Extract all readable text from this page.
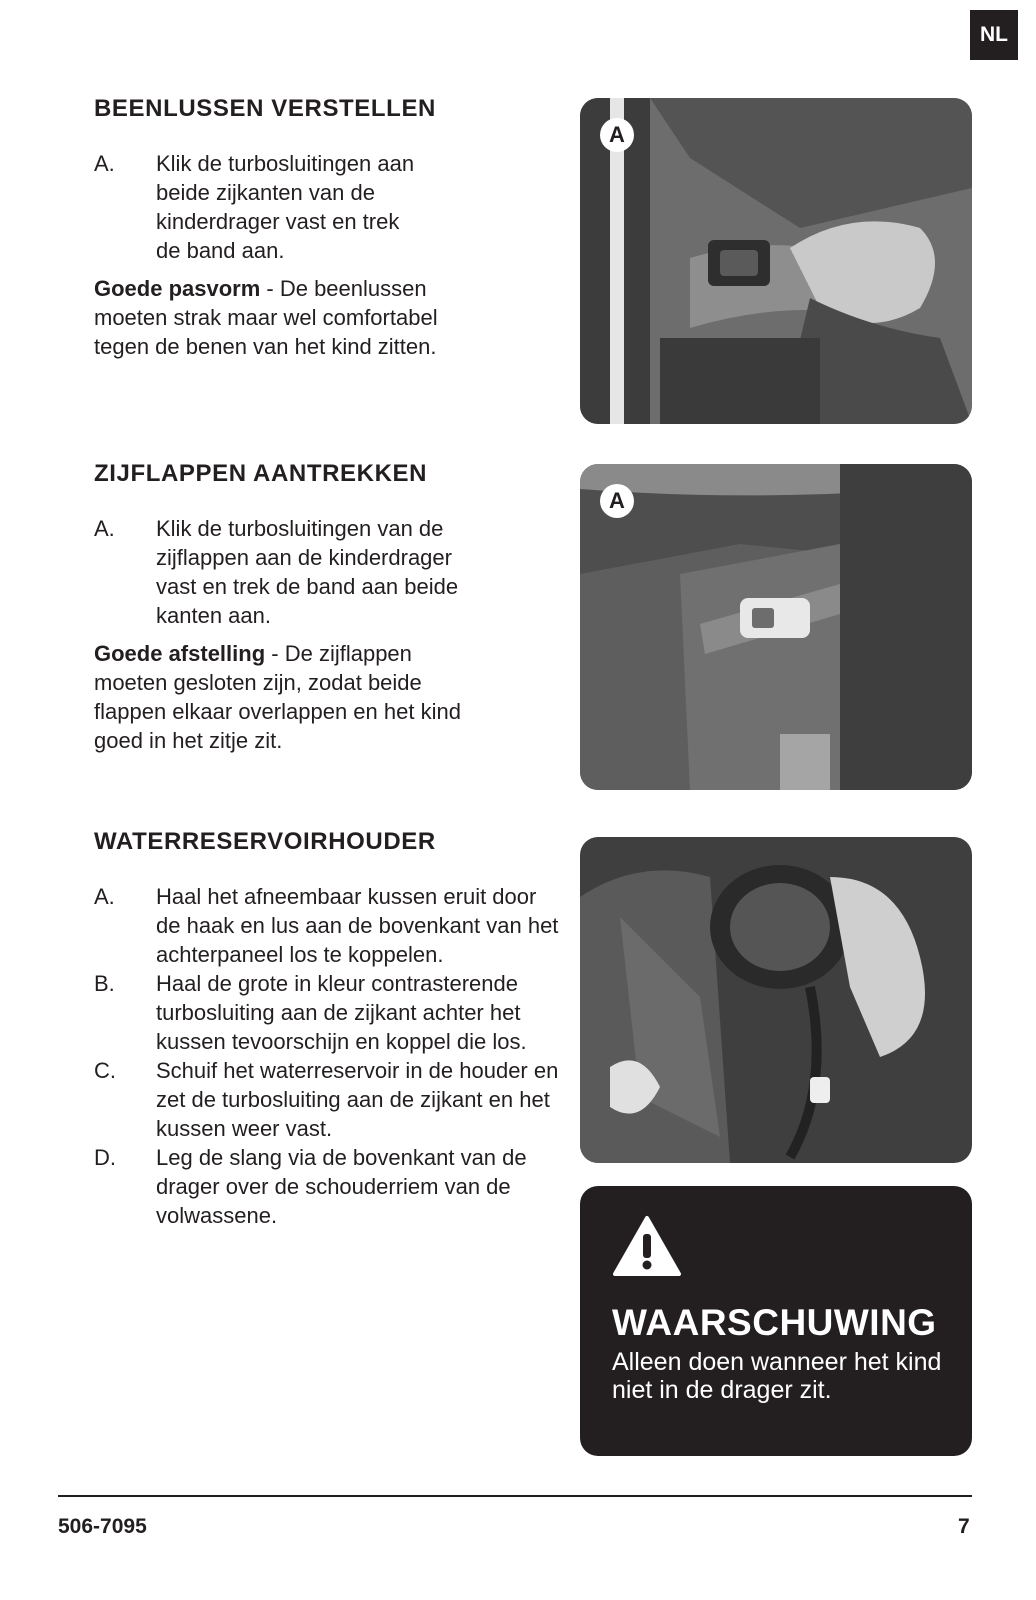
NL
BEENLUSSEN VERSTELLEN
A.	Klik de turbosluitingen aan beide zijkanten van de kinderdrager vast en trek de band aan.
Goede pasvorm - De beenlussen moeten strak maar wel comfortabel tegen de benen van het kind zitten.
A
ZIJFLAPPEN AANTREKKEN
A.	Klik de turbosluitingen van de zijflappen aan de kinderdrager vast en trek de band aan beide kanten aan.
Goede afstelling - De zijflappen moeten gesloten zijn, zodat beide flappen elkaar overlappen en het kind goed in het zitje zit.
A
WATERRESERVOIRHOUDER
A.	Haal het afneembaar kussen eruit door de haak en lus aan de bovenkant van het achterpaneel los te koppelen.
B.	Haal de grote in kleur contrasterende turbosluiting aan de zijkant achter het kussen tevoorschijn en koppel die los.
C.	Schuif het waterreservoir in de houder en zet de turbosluiting aan de zijkant en het kussen weer vast.
D.	Leg de slang via de bovenkant van de drager over de schouderriem van de volwassene.
WAARSCHUWING

Alleen doen wanneer het kind niet in de drager zit.

506-7095	7
